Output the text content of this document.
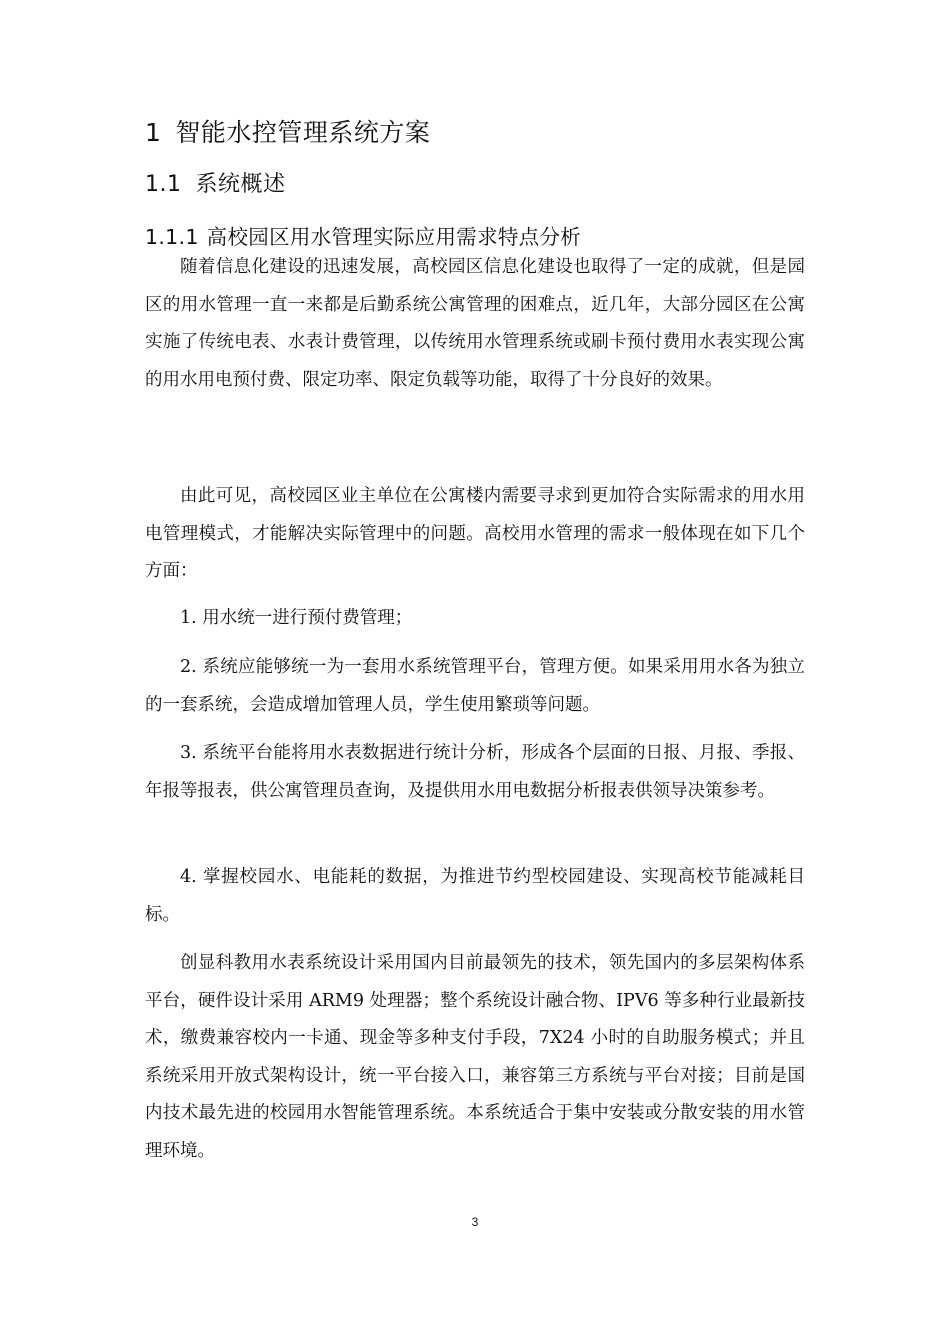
1 智能水控管理系统方案
1.1 系统概述
1.1.1 高校园区用水管理实际应用需求特点分析

随着信息化建设的迅速发展，高校园区信息化建设也取得了一定的成就，但是园区的用水管理一直一来都是后勤系统公寓管理的困难点，近几年，大部分园区在公寓实施了传统电表、水表计费管理，以传统用水管理系统或刷卡预付费用水表实现公寓的用水用电预付费、限定功率、限定负载等功能，取得了十分良好的效果。

由此可见，高校园区业主单位在公寓楼内需要寻求到更加符合实际需求的用水用电管理模式，才能解决实际管理中的问题。高校用水管理的需求一般体现在如下几个方面：

1. 用水统一进行预付费管理；

2. 系统应能够统一为一套用水系统管理平台，管理方便。如果采用用水各为独立的一套系统，会造成增加管理人员，学生使用繁琐等问题。

3. 系统平台能将用水表数据进行统计分析，形成各个层面的日报、月报、季报、年报等报表，供公寓管理员查询，及提供用水用电数据分析报表供领导决策参考。

4. 掌握校园水、电能耗的数据，为推进节约型校园建设、实现高校节能减耗目标。

创显科教用水表系统设计采用国内目前最领先的技术，领先国内的多层架构体系平台，硬件设计采用 ARM9 处理器；整个系统设计融合物、IPV6 等多种行业最新技术，缴费兼容校内一卡通、现金等多种支付手段，7X24 小时的自助服务模式；并且系统采用开放式架构设计，统一平台接入口，兼容第三方系统与平台对接；目前是国内技术最先进的校园用水智能管理系统。本系统适合于集中安装或分散安装的用水管理环境。

3
